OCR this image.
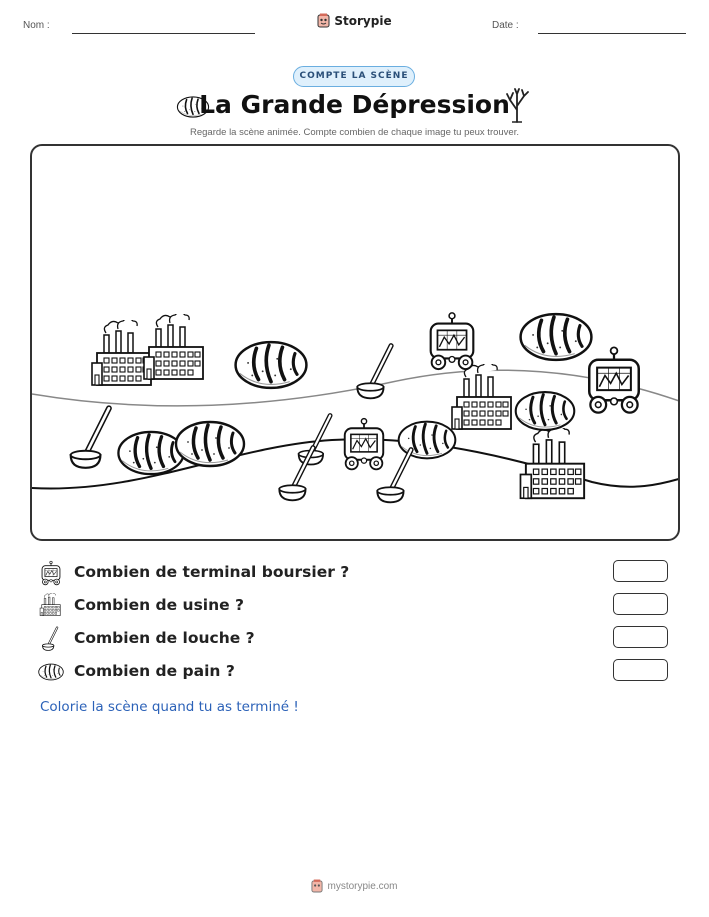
Nom :	Storypie	Date :
COMPTE LA SCÈNE
La Grande Dépression
Regarde la scène animée. Compte combien de chaque image tu peux trouver.
Combien de terminal boursier ?
Combien de usine ?
Combien de louche ?
Combien de pain ?
Colorie la scène quand tu as terminé !
mystorypie.com
